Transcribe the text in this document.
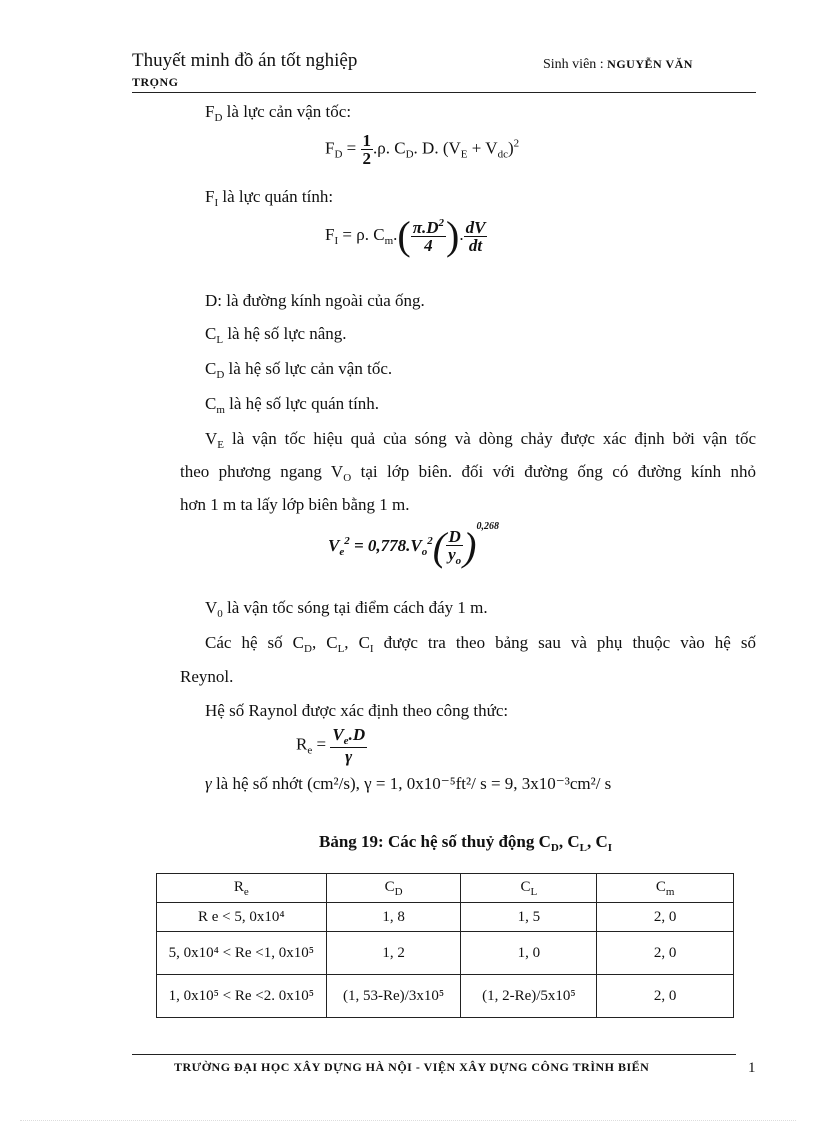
Thuyết minh đồ án tốt nghiệp	Sinh viên : NGUYỄN VĂN
TRỌNG
$F_D$ là lực cản vận tốc:
$F_D = \frac{1}{2} .\rho$. $C_D$. D. $(V_E + V_{dc})^2$
$F_I$ là lực quán tính:
$F_I = \rho$. $C_m.( \frac{\pi.D^2}{4}$ ). $\frac{dV}{dt}$
D: là đường kính ngoài của ống.
$C_L$ là hệ số lực nâng.
$C_D$ là hệ số lực cản vận tốc.
$C_m$ là hệ số lực quán tính.
$V_E$ là vận tốc hiệu quả của sóng và dòng chảy được xác định bởi vận tốc
theo phương ngang $V_O$ tại lớp biên. đối với đường ống có đường kính nhỏ
hơn 1 m ta lấy lớp biên bằng 1 m.
$V_e^2 = 0,778.V_o^2( \frac{D}{y_o} )^{0,268}$
$V_0$ là vận tốc sóng tại điểm cách đáy 1 m.
Các hệ số $C_D$, $C_L$, $C_I$ được tra theo bảng sau và phụ thuộc vào hệ số
Reynol.
Hệ số Raynol được xác định theo công thức:
$R_e = \frac{V_e.D}{\gamma}$
γ là hệ số nhớt (cm²/s), γ = 1, 0x10⁻⁵ft²/ s = 9, 3x10⁻³cm²/ s
Bảng 19: Các hệ số thuỷ động $C_D$, $C_L$, $C_I$
$R_e$	$C_D$	$C_L$	$C_m$
R e < 5, 0x10⁴	1, 8	1, 5	2, 0
5, 0x10⁴ < Re <1, 0x10⁵	1, 2	1, 0	2, 0
1, 0x10⁵ < Re <2. 0x10⁵	(1, 53-Re)/3x10⁵	(1, 2-Re)/5x10⁵	2, 0
TRƯỜNG ĐẠI HỌC XÂY DỰNG HÀ NỘI - VIỆN XÂY DỰNG CÔNG TRÌNH BIỂN	1
